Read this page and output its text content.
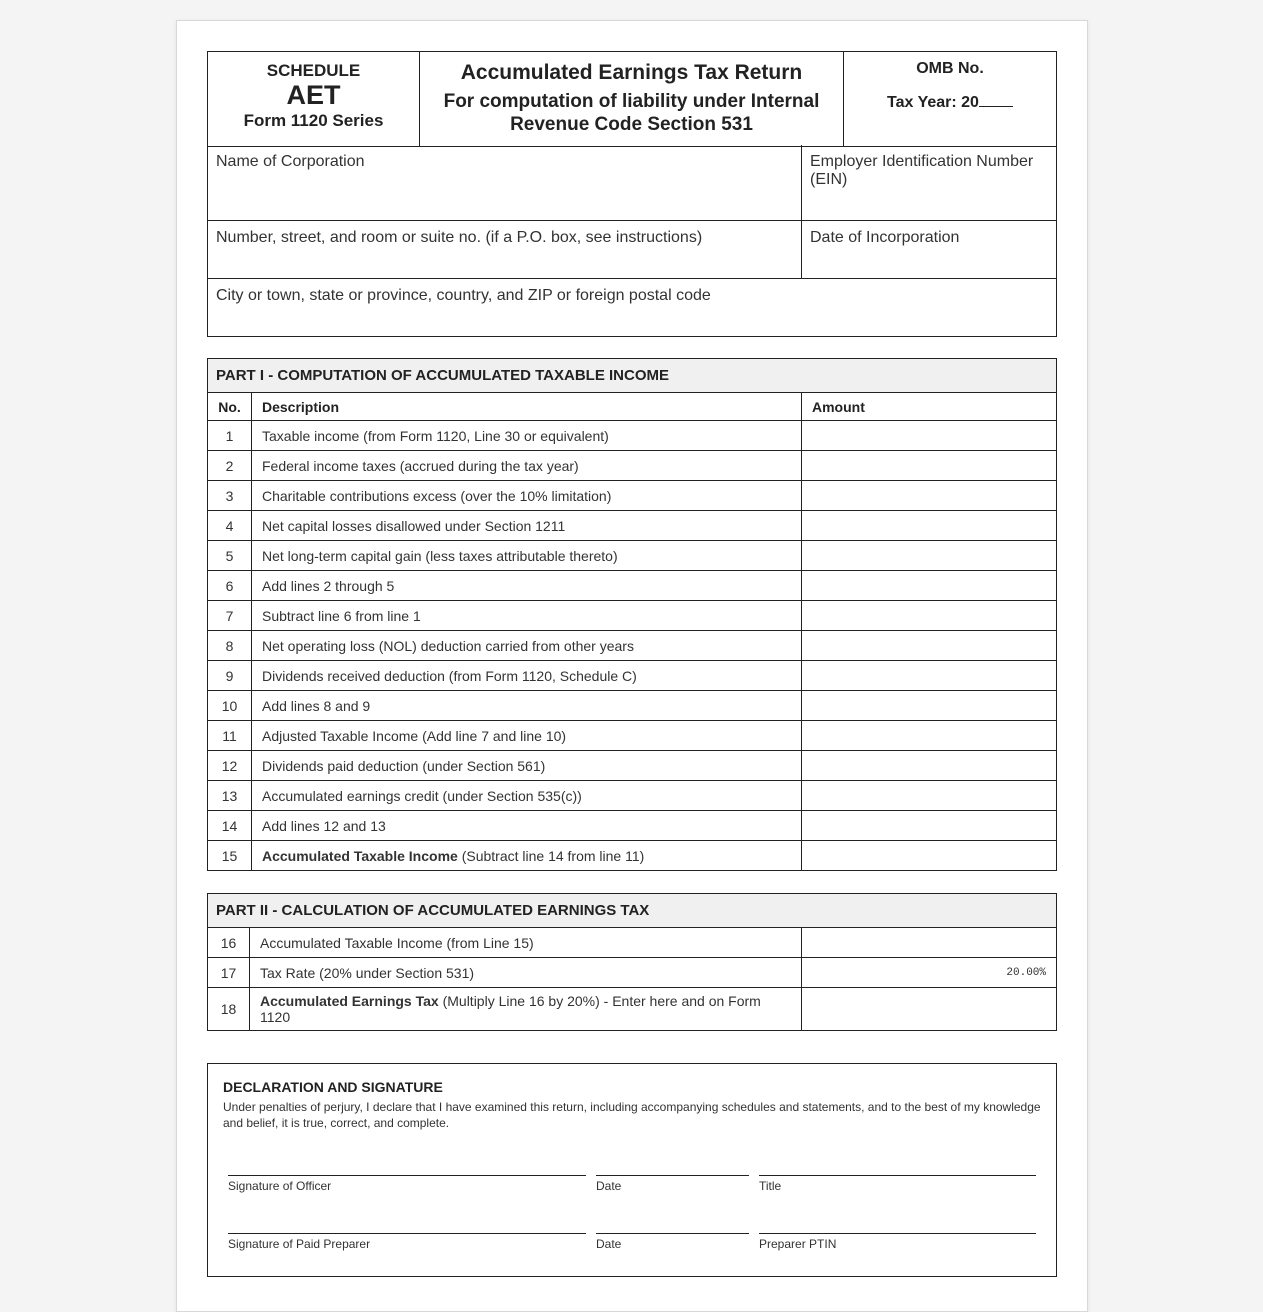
SCHEDULE
AET
Form 1120 Series
Accumulated Earnings Tax Return
For computation of liability under Internal Revenue Code Section 531
OMB No.
Tax Year: 20
Name of Corporation	Employer Identification Number (EIN)
Number, street, and room or suite no. (if a P.O. box, see instructions)	Date of Incorporation
City or town, state or province, country, and ZIP or foreign postal code
PART I - COMPUTATION OF ACCUMULATED TAXABLE INCOME
No.	Description	Amount
1	Taxable income (from Form 1120, Line 30 or equivalent)	
2	Federal income taxes (accrued during the tax year)	
3	Charitable contributions excess (over the 10% limitation)	
4	Net capital losses disallowed under Section 1211	
5	Net long-term capital gain (less taxes attributable thereto)	
6	Add lines 2 through 5	
7	Subtract line 6 from line 1	
8	Net operating loss (NOL) deduction carried from other years	
9	Dividends received deduction (from Form 1120, Schedule C)	
10	Add lines 8 and 9	
11	Adjusted Taxable Income (Add line 7 and line 10)	
12	Dividends paid deduction (under Section 561)	
13	Accumulated earnings credit (under Section 535(c))	
14	Add lines 12 and 13	
15	Accumulated Taxable Income (Subtract line 14 from line 11)	
PART II - CALCULATION OF ACCUMULATED EARNINGS TAX
16	Accumulated Taxable Income (from Line 15)	
17	Tax Rate (20% under Section 531)	20.00%
18	Accumulated Earnings Tax (Multiply Line 16 by 20%) - Enter here and on Form 1120	
DECLARATION AND SIGNATURE

Under penalties of perjury, I declare that I have examined this return, including accompanying schedules and statements, and to the best of my knowledge and belief, it is true, correct, and complete.

Signature of Officer	Date	Title
Signature of Paid Preparer	Date	Preparer PTIN
